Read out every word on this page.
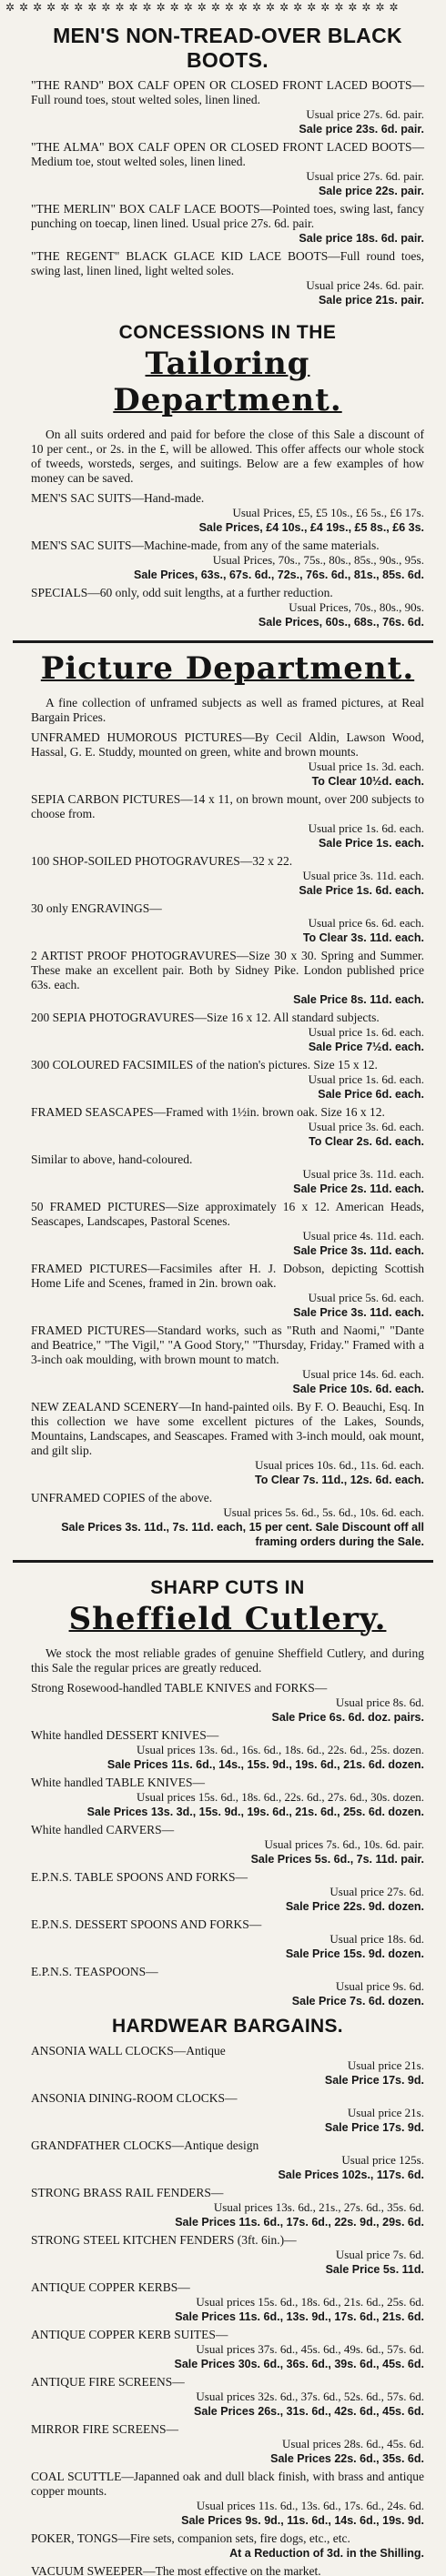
✲ ✲ ✲ ✲ ✲ ✲ ✲ ✲ ✲ ✲ ✲ ✲ ✲ ✲ ✲ ✲ ✲ ✲ ✲ ✲ ✲ ✲ ✲ ✲ ✲ ✲ ✲ ✲ ✲
MEN'S NON-TREAD-OVER BLACK BOOTS.
"THE RAND" BOX CALF OPEN OR CLOSED FRONT LACED BOOTS—Full round toes, stout welted soles, linen lined.
Usual price 27s. 6d. pair.
Sale price 23s. 6d. pair.
"THE ALMA" BOX CALF OPEN OR CLOSED FRONT LACED BOOTS—Medium toe, stout welted soles, linen lined.
Usual price 27s. 6d. pair.
Sale price 22s. pair.
"THE MERLIN" BOX CALF LACE BOOTS—Pointed toes, swing last, fancy punching on toecap, linen lined. Usual price 27s. 6d. pair.
Sale price 18s. 6d. pair.
"THE REGENT" BLACK GLACE KID LACE BOOTS—Full round toes, swing last, linen lined, light welted soles.
Usual price 24s. 6d. pair.
Sale price 21s. pair.
CONCESSIONS IN THE
Tailoring Department.
On all suits ordered and paid for before the close of this Sale a discount of 10 per cent., or 2s. in the £, will be allowed. This offer affects our whole stock of tweeds, worsteds, serges, and suitings. Below are a few examples of how money can be saved.
MEN'S SAC SUITS—Hand-made.
Usual Prices, £5, £5 10s., £6 5s., £6 17s.
Sale Prices, £4 10s., £4 19s., £5 8s., £6 3s.
MEN'S SAC SUITS—Machine-made, from any of the same materials.
Usual Prices, 70s., 75s., 80s., 85s., 90s., 95s.
Sale Prices, 63s., 67s. 6d., 72s., 76s. 6d., 81s., 85s. 6d.
SPECIALS—60 only, odd suit lengths, at a further reduction.
Usual Prices, 70s., 80s., 90s.
Sale Prices, 60s., 68s., 76s. 6d.
Picture Department.
A fine collection of unframed subjects as well as framed pictures, at Real Bargain Prices.
UNFRAMED HUMOROUS PICTURES—By Cecil Aldin, Lawson Wood, Hassal, G. E. Studdy, mounted on green, white and brown mounts.
Usual price 1s. 3d. each.
To Clear 10½d. each.
SEPIA CARBON PICTURES—14 x 11, on brown mount, over 200 subjects to choose from.
Usual price 1s. 6d. each.
Sale Price 1s. each.
100 SHOP-SOILED PHOTOGRAVURES—32 x 22.
Usual price 3s. 11d. each.
Sale Price 1s. 6d. each.
30 only ENGRAVINGS—
Usual price 6s. 6d. each.
To Clear 3s. 11d. each.
2 ARTIST PROOF PHOTOGRAVURES—Size 30 x 30. Spring and Summer. These make an excellent pair. Both by Sidney Pike. London published price 63s. each.
Sale Price 8s. 11d. each.
200 SEPIA PHOTOGRAVURES—Size 16 x 12. All standard subjects.
Usual price 1s. 6d. each.
Sale Price 7½d. each.
300 COLOURED FACSIMILES of the nation's pictures. Size 15 x 12.
Usual price 1s. 6d. each.
Sale Price 6d. each.
FRAMED SEASCAPES—Framed with 1½in. brown oak. Size 16 x 12.
Usual price 3s. 6d. each.
To Clear 2s. 6d. each.
Similar to above, hand-coloured.
Usual price 3s. 11d. each.
Sale Price 2s. 11d. each.
50 FRAMED PICTURES—Size approximately 16 x 12. American Heads, Seascapes, Landscapes, Pastoral Scenes.
Usual price 4s. 11d. each.
Sale Price 3s. 11d. each.
FRAMED PICTURES—Facsimiles after H. J. Dobson, depicting Scottish Home Life and Scenes, framed in 2in. brown oak.
Usual price 5s. 6d. each.
Sale Price 3s. 11d. each.
FRAMED PICTURES—Standard works, such as "Ruth and Naomi," "Dante and Beatrice," "The Vigil," "A Good Story," "Thursday, Friday." Framed with a 3-inch oak moulding, with brown mount to match.
Usual price 14s. 6d. each.
Sale Price 10s. 6d. each.
NEW ZEALAND SCENERY—In hand-painted oils. By F. O. Beauchi, Esq. In this collection we have some excellent pictures of the Lakes, Sounds, Mountains, Landscapes, and Seascapes. Framed with 3-inch mould, oak mount, and gilt slip.
Usual prices 10s. 6d., 11s. 6d. each.
To Clear 7s. 11d., 12s. 6d. each.
UNFRAMED COPIES of the above.
Usual prices 5s. 6d., 5s. 6d., 10s. 6d. each.
Sale Prices 3s. 11d., 7s. 11d. each, 15 per cent. Sale Discount off all framing orders during the Sale.
SHARP CUTS IN
Sheffield Cutlery.
We stock the most reliable grades of genuine Sheffield Cutlery, and during this Sale the regular prices are greatly reduced.
Strong Rosewood-handled TABLE KNIVES and FORKS—
Usual price 8s. 6d.
Sale Price 6s. 6d. doz. pairs.
White handled DESSERT KNIVES—
Usual prices 13s. 6d., 16s. 6d., 18s. 6d., 22s. 6d., 25s. dozen.
Sale Prices 11s. 6d., 14s., 15s. 9d., 19s. 6d., 21s. 6d. dozen.
White handled TABLE KNIVES—
Usual prices 15s. 6d., 18s. 6d., 22s. 6d., 27s. 6d., 30s. dozen.
Sale Prices 13s. 3d., 15s. 9d., 19s. 6d., 21s. 6d., 25s. 6d. dozen.
White handled CARVERS—
Usual prices 7s. 6d., 10s. 6d. pair.
Sale Prices 5s. 6d., 7s. 11d. pair.
E.P.N.S. TABLE SPOONS AND FORKS—
Usual price 27s. 6d.
Sale Price 22s. 9d. dozen.
E.P.N.S. DESSERT SPOONS AND FORKS—
Usual price 18s. 6d.
Sale Price 15s. 9d. dozen.
E.P.N.S. TEASPOONS—
Usual price 9s. 6d.
Sale Price 7s. 6d. dozen.
HARDWEAR BARGAINS.
ANSONIA WALL CLOCKS—Antique
Usual price 21s.
Sale Price 17s. 9d.
ANSONIA DINING-ROOM CLOCKS—
Usual price 21s.
Sale Price 17s. 9d.
GRANDFATHER CLOCKS—Antique design
Usual price 125s.
Sale Prices 102s., 117s. 6d.
STRONG BRASS RAIL FENDERS—
Usual prices 13s. 6d., 21s., 27s. 6d., 35s. 6d.
Sale Prices 11s. 6d., 17s. 6d., 22s. 9d., 29s. 6d.
STRONG STEEL KITCHEN FENDERS (3ft. 6in.)—
Usual price 7s. 6d.
Sale Price 5s. 11d.
ANTIQUE COPPER KERBS—
Usual prices 15s. 6d., 18s. 6d., 21s. 6d., 25s. 6d.
Sale Prices 11s. 6d., 13s. 9d., 17s. 6d., 21s. 6d.
ANTIQUE COPPER KERB SUITES—
Usual prices 37s. 6d., 45s. 6d., 49s. 6d., 57s. 6d.
Sale Prices 30s. 6d., 36s. 6d., 39s. 6d., 45s. 6d.
ANTIQUE FIRE SCREENS—
Usual prices 32s. 6d., 37s. 6d., 52s. 6d., 57s. 6d.
Sale Prices 26s., 31s. 6d., 42s. 6d., 45s. 6d.
MIRROR FIRE SCREENS—
Usual prices 28s. 6d., 45s. 6d.
Sale Prices 22s. 6d., 35s. 6d.
COAL SCUTTLE—Japanned oak and dull black finish, with brass and antique copper mounts.
Usual prices 11s. 6d., 13s. 6d., 17s. 6d., 24s. 6d.
Sale Prices 9s. 9d., 11s. 6d., 14s. 6d., 19s. 9d.
POKER, TONGS—Fire sets, companion sets, fire dogs, etc., etc.
At a Reduction of 3d. in the Shilling.
VACUUM SWEEPER—The most effective on the market.
